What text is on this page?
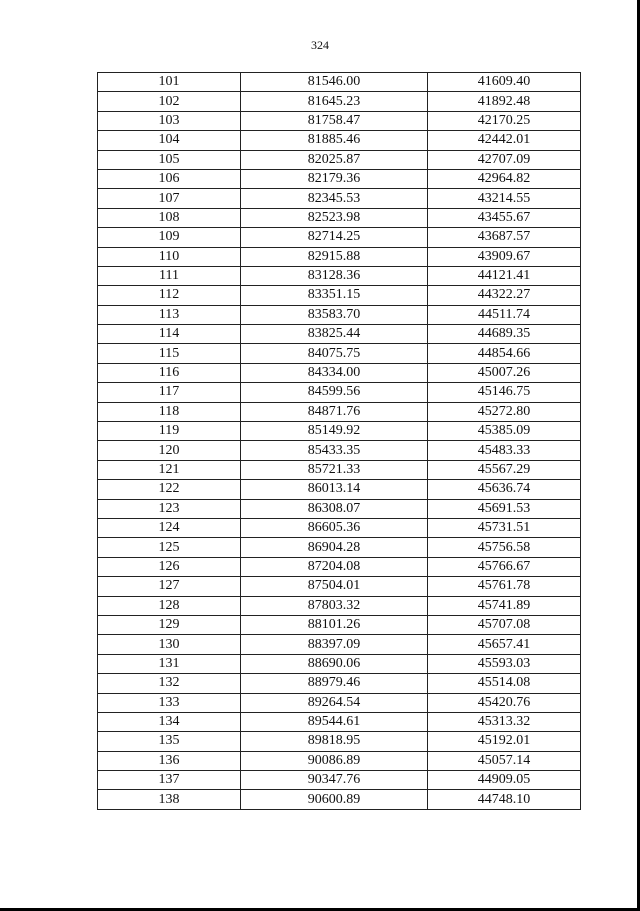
324
101	81546.00	41609.40
102	81645.23	41892.48
103	81758.47	42170.25
104	81885.46	42442.01
105	82025.87	42707.09
106	82179.36	42964.82
107	82345.53	43214.55
108	82523.98	43455.67
109	82714.25	43687.57
110	82915.88	43909.67
111	83128.36	44121.41
112	83351.15	44322.27
113	83583.70	44511.74
114	83825.44	44689.35
115	84075.75	44854.66
116	84334.00	45007.26
117	84599.56	45146.75
118	84871.76	45272.80
119	85149.92	45385.09
120	85433.35	45483.33
121	85721.33	45567.29
122	86013.14	45636.74
123	86308.07	45691.53
124	86605.36	45731.51
125	86904.28	45756.58
126	87204.08	45766.67
127	87504.01	45761.78
128	87803.32	45741.89
129	88101.26	45707.08
130	88397.09	45657.41
131	88690.06	45593.03
132	88979.46	45514.08
133	89264.54	45420.76
134	89544.61	45313.32
135	89818.95	45192.01
136	90086.89	45057.14
137	90347.76	44909.05
138	90600.89	44748.10
